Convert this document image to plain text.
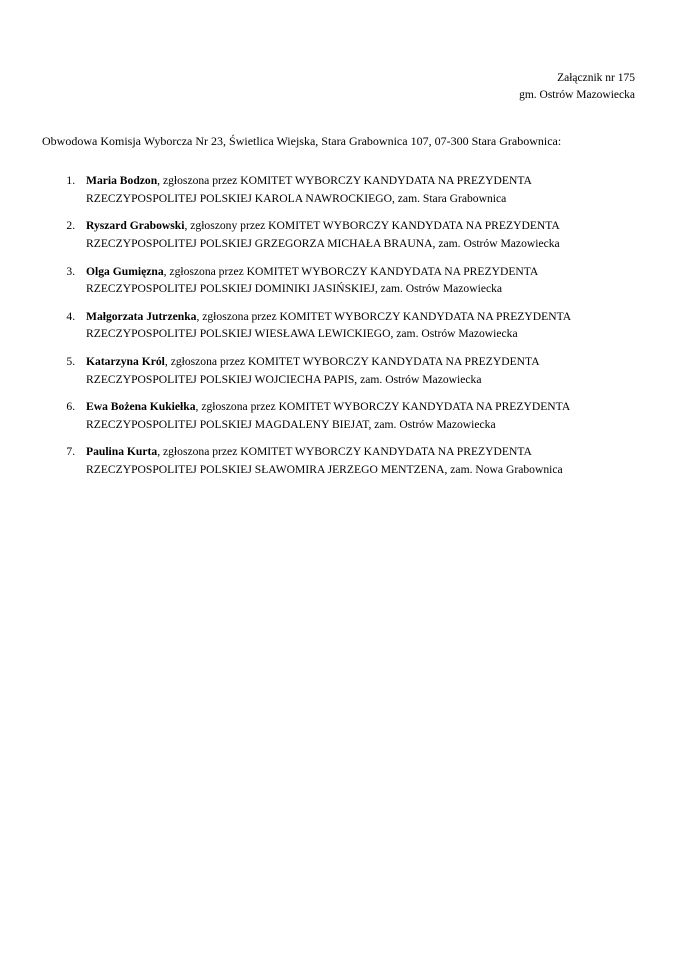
Załącznik nr 175
gm. Ostrów Mazowiecka
Obwodowa Komisja Wyborcza Nr 23, Świetlica Wiejska, Stara Grabownica 107, 07-300 Stara Grabownica:
1. Maria Bodzon, zgłoszona przez KOMITET WYBORCZY KANDYDATA NA PREZYDENTA RZECZYPOSPOLITEJ POLSKIEJ KAROLA NAWROCKIEGO, zam. Stara Grabownica
2. Ryszard Grabowski, zgłoszony przez KOMITET WYBORCZY KANDYDATA NA PREZYDENTA RZECZYPOSPOLITEJ POLSKIEJ GRZEGORZA MICHAŁA BRAUNA, zam. Ostrów Mazowiecka
3. Olga Gumięzna, zgłoszona przez KOMITET WYBORCZY KANDYDATA NA PREZYDENTA RZECZYPOSPOLITEJ POLSKIEJ DOMINIKI JASIŃSKIEJ, zam. Ostrów Mazowiecka
4. Małgorzata Jutrzenka, zgłoszona przez KOMITET WYBORCZY KANDYDATA NA PREZYDENTA RZECZYPOSPOLITEJ POLSKIEJ WIESŁAWA LEWICKIEGO, zam. Ostrów Mazowiecka
5. Katarzyna Król, zgłoszona przez KOMITET WYBORCZY KANDYDATA NA PREZYDENTA RZECZYPOSPOLITEJ POLSKIEJ WOJCIECHA PAPIS, zam. Ostrów Mazowiecka
6. Ewa Bożena Kukiełka, zgłoszona przez KOMITET WYBORCZY KANDYDATA NA PREZYDENTA RZECZYPOSPOLITEJ POLSKIEJ MAGDALENY BIEJAT, zam. Ostrów Mazowiecka
7. Paulina Kurta, zgłoszona przez KOMITET WYBORCZY KANDYDATA NA PREZYDENTA RZECZYPOSPOLITEJ POLSKIEJ SŁAWOMIRA JERZEGO MENTZENA, zam. Nowa Grabownica
